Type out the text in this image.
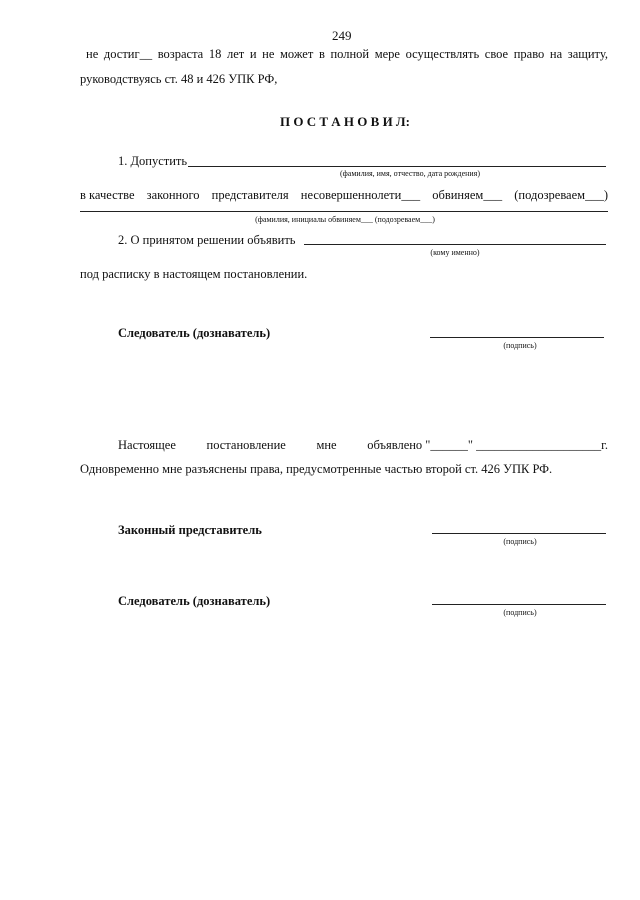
249
не достиг__ возраста 18 лет и не может в полной мере осуществлять свое право на защиту,
руководствуясь ст. 48 и 426 УПК РФ,
П О С Т А Н О В И Л:
1. Допустить
(фамилия, имя, отчество, дата рождения)
в качестве законного представителя несовершеннолети___ обвиняем___ (подозреваем___)
(фамилия, инициалы обвиняем___ (подозреваем___)
2. О принятом решении объявить
(кому именно)
под расписку в настоящем постановлении.
Следователь (дознаватель)
(подпись)
Настоящее постановление мне объявлено "______" ____________________г.
Одновременно мне разъяснены права, предусмотренные частью второй ст. 426 УПК РФ.
Законный представитель
(подпись)
Следователь (дознаватель)
(подпись)
